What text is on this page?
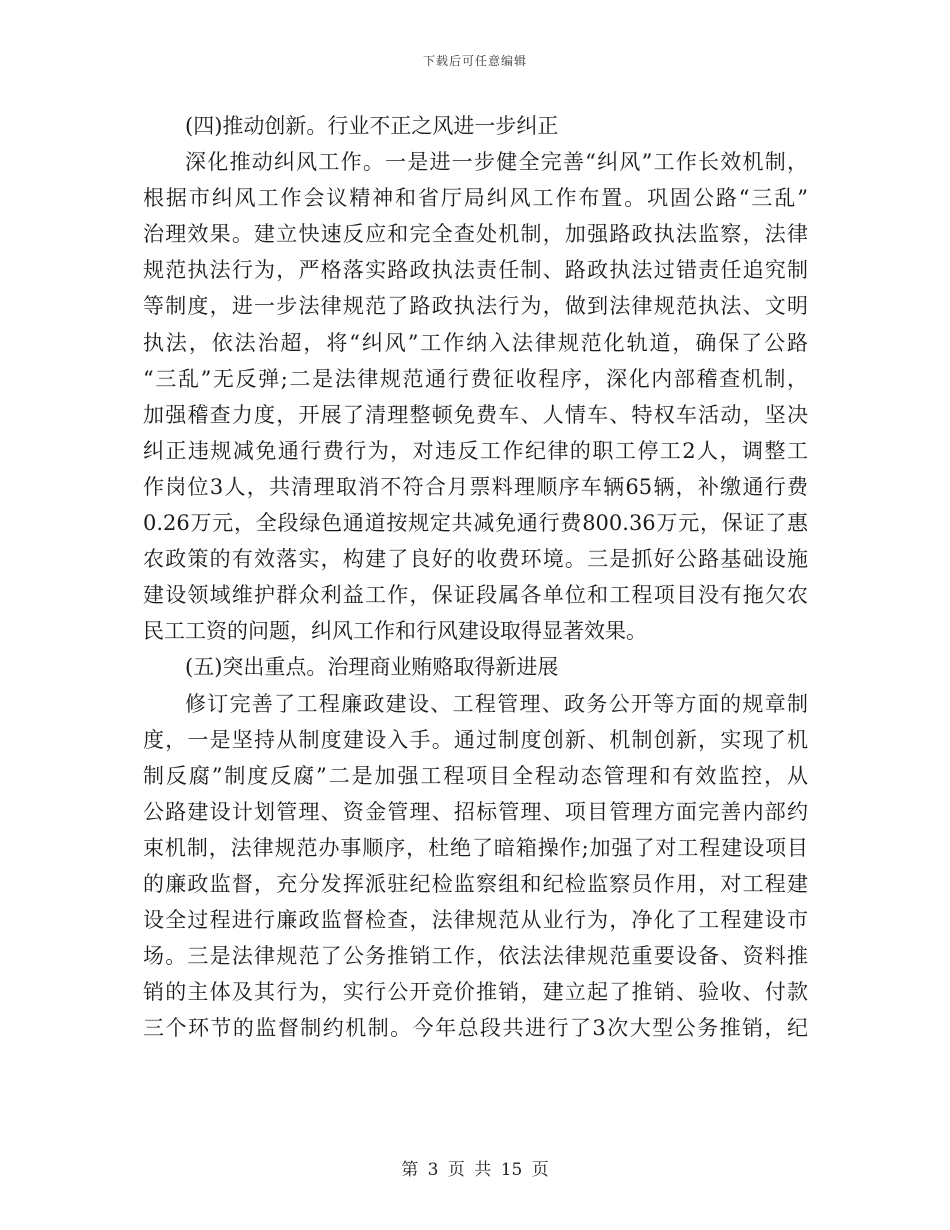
下载后可任意编辑
(四)推动创新。行业不正之风进一步纠正
深化推动纠风工作。一是进一步健全完善“纠风”工作长效机制，
根据市纠风工作会议精神和省厅局纠风工作布置。巩固公路“三乱”
治理效果。建立快速反应和完全查处机制，加强路政执法监察，法律
规范执法行为，严格落实路政执法责任制、路政执法过错责任追究制
等制度，进一步法律规范了路政执法行为，做到法律规范执法、文明
执法，依法治超，将“纠风”工作纳入法律规范化轨道，确保了公路
“三乱”无反弹;二是法律规范通行费征收程序，深化内部稽查机制，
加强稽查力度，开展了清理整顿免费车、人情车、特权车活动，坚决
纠正违规减免通行费行为，对违反工作纪律的职工停工2人，调整工
作岗位3人，共清理取消不符合月票料理顺序车辆65辆，补缴通行费
0.26万元，全段绿色通道按规定共减免通行费800.36万元，保证了惠
农政策的有效落实，构建了良好的收费环境。三是抓好公路基础设施
建设领域维护群众利益工作，保证段属各单位和工程项目没有拖欠农
民工工资的问题，纠风工作和行风建设取得显著效果。
(五)突出重点。治理商业贿赂取得新进展
修订完善了工程廉政建设、工程管理、政务公开等方面的规章制
度，一是坚持从制度建设入手。通过制度创新、机制创新，实现了机
制反腐”制度反腐”二是加强工程项目全程动态管理和有效监控，从
公路建设计划管理、资金管理、招标管理、项目管理方面完善内部约
束机制，法律规范办事顺序，杜绝了暗箱操作;加强了对工程建设项目
的廉政监督，充分发挥派驻纪检监察组和纪检监察员作用，对工程建
设全过程进行廉政监督检查，法律规范从业行为，净化了工程建设市
场。三是法律规范了公务推销工作，依法法律规范重要设备、资料推
销的主体及其行为，实行公开竞价推销，建立起了推销、验收、付款
三个环节的监督制约机制。今年总段共进行了3次大型公务推销，纪
第 3 页 共 15 页
